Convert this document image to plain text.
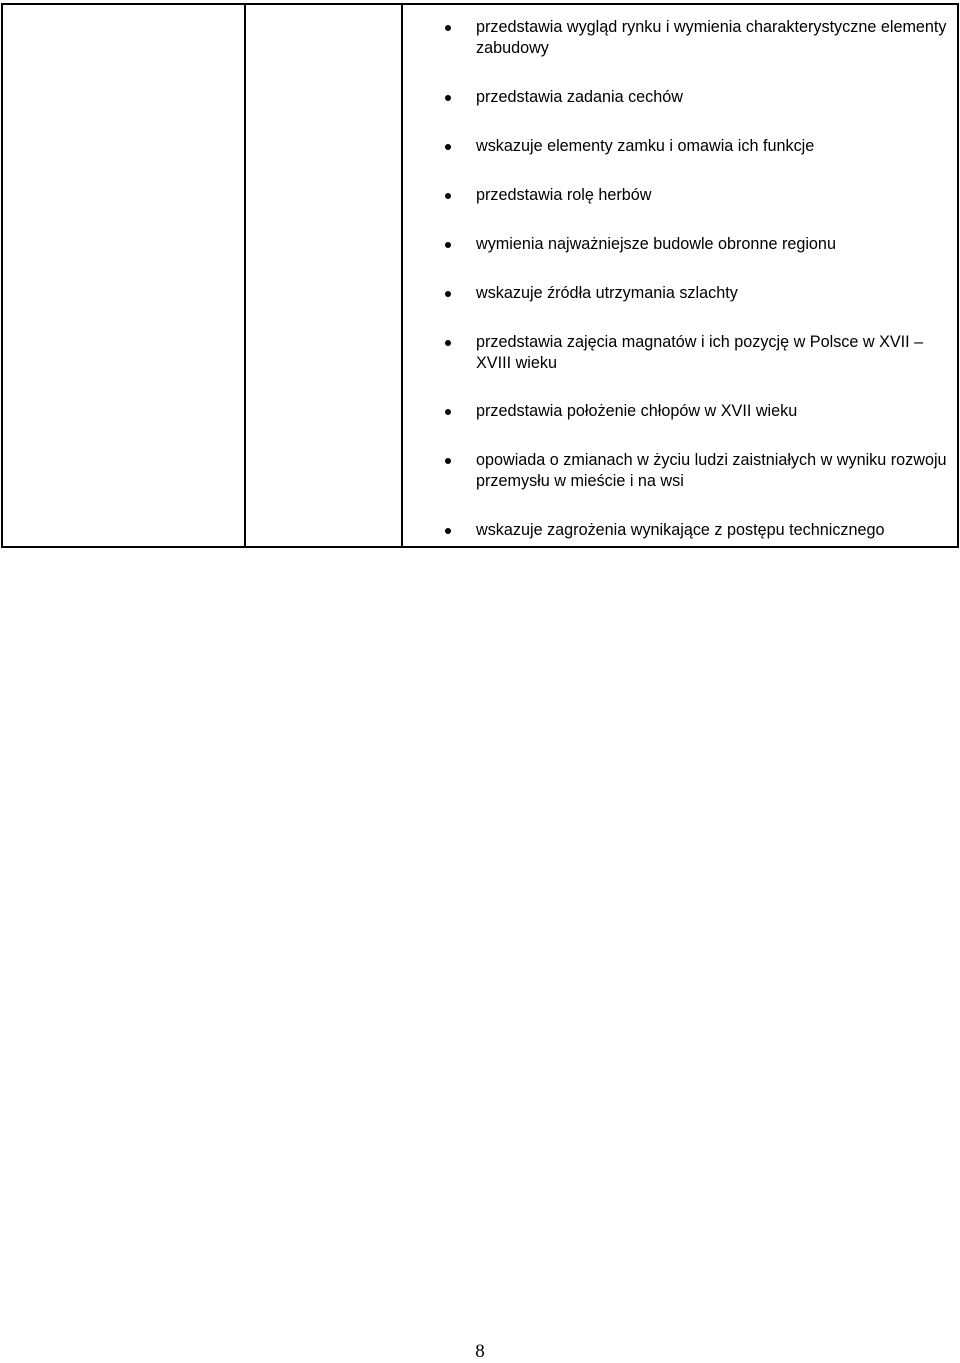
przedstawia wygląd rynku i wymienia charakterystyczne elementy zabudowy
przedstawia zadania cechów
wskazuje elementy zamku i omawia ich funkcje
przedstawia rolę herbów
wymienia najważniejsze budowle obronne regionu
wskazuje źródła utrzymania szlachty
przedstawia zajęcia magnatów i ich pozycję w Polsce w XVII – XVIII wieku
przedstawia położenie chłopów w XVII wieku
opowiada o zmianach w życiu ludzi zaistniałych w wyniku rozwoju przemysłu w mieście i na wsi
wskazuje zagrożenia wynikające z postępu technicznego
8
